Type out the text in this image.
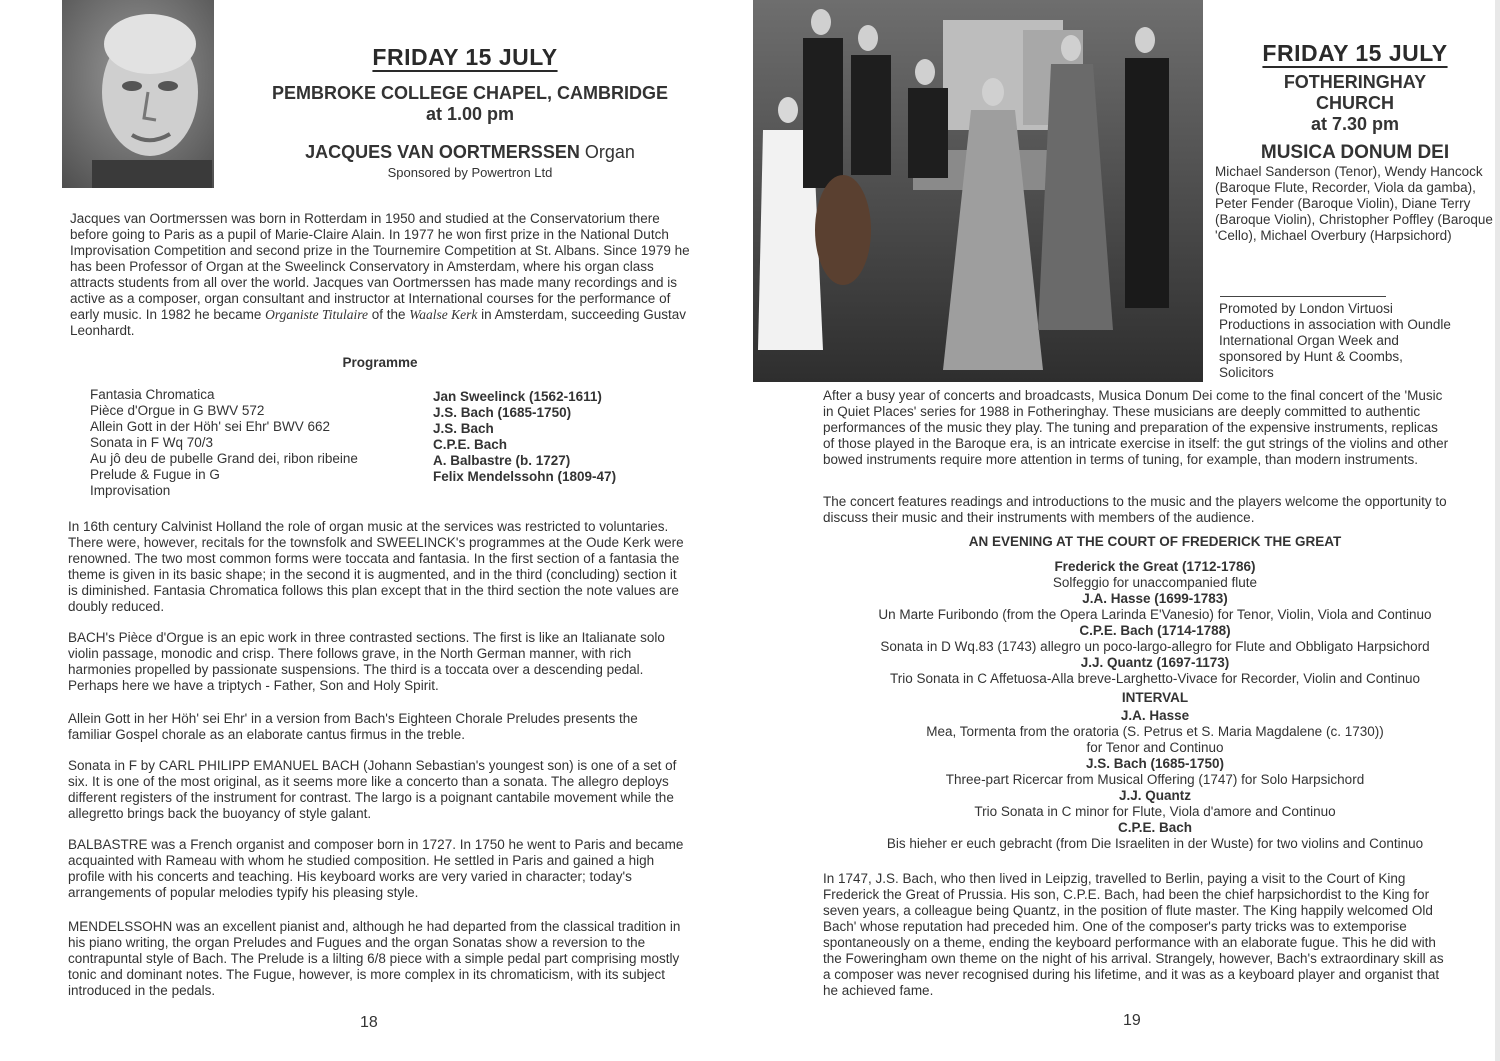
FRIDAY 15 JULY
PEMBROKE COLLEGE CHAPEL, CAMBRIDGE
at 1.00 pm
JACQUES VAN OORTMERSSEN Organ
Sponsored by Powertron Ltd
Jacques van Oortmerssen was born in Rotterdam in 1950 and studied at the Conservatorium there before going to Paris as a pupil of Marie-Claire Alain. In 1977 he won first prize in the National Dutch Improvisation Competition and second prize in the Tournemire Competition at St. Albans. Since 1979 he has been Professor of Organ at the Sweelinck Conservatory in Amsterdam, where his organ class attracts students from all over the world. Jacques van Oortmerssen has made many recordings and is active as a composer, organ consultant and instructor at International courses for the performance of early music. In 1982 he became Organiste Titulaire of the Waalse Kerk in Amsterdam, succeeding Gustav Leonhardt.
Programme
Fantasia Chromatica
Pièce d'Orgue in G BWV 572
Allein Gott in der Höh' sei Ehr' BWV 662
Sonata in F Wq 70/3
Au jô deu de pubelle Grand dei, ribon ribeine
Prelude & Fugue in G
Improvisation
Jan Sweelinck (1562-1611)
J.S. Bach (1685-1750)
J.S. Bach
C.P.E. Bach
A. Balbastre (b. 1727)
Felix Mendelssohn (1809-47)
In 16th century Calvinist Holland the role of organ music at the services was restricted to voluntaries. There were, however, recitals for the townsfolk and SWEELINCK's programmes at the Oude Kerk were renowned. The two most common forms were toccata and fantasia. In the first section of a fantasia the theme is given in its basic shape; in the second it is augmented, and in the third (concluding) section it is diminished. Fantasia Chromatica follows this plan except that in the third section the note values are doubly reduced.
BACH's Pièce d'Orgue is an epic work in three contrasted sections. The first is like an Italianate solo violin passage, monodic and crisp. There follows grave, in the North German manner, with rich harmonies propelled by passionate suspensions. The third is a toccata over a descending pedal. Perhaps here we have a triptych - Father, Son and Holy Spirit.
Allein Gott in her Höh' sei Ehr' in a version from Bach's Eighteen Chorale Preludes presents the familiar Gospel chorale as an elaborate cantus firmus in the treble.
Sonata in F by CARL PHILIPP EMANUEL BACH (Johann Sebastian's youngest son) is one of a set of six. It is one of the most original, as it seems more like a concerto than a sonata. The allegro deploys different registers of the instrument for contrast. The largo is a poignant cantabile movement while the allegretto brings back the buoyancy of style galant.
BALBASTRE was a French organist and composer born in 1727. In 1750 he went to Paris and became acquainted with Rameau with whom he studied composition. He settled in Paris and gained a high profile with his concerts and teaching. His keyboard works are very varied in character; today's arrangements of popular melodies typify his pleasing style.
MENDELSSOHN was an excellent pianist and, although he had departed from the classical tradition in his piano writing, the organ Preludes and Fugues and the organ Sonatas show a reversion to the contrapuntal style of Bach. The Prelude is a lilting 6/8 piece with a simple pedal part comprising mostly tonic and dominant notes. The Fugue, however, is more complex in its chromaticism, with its subject introduced in the pedals.
18
FRIDAY 15 JULY
FOTHERINGHAY
CHURCH
at 7.30 pm
MUSICA DONUM DEI
Michael Sanderson (Tenor), Wendy Hancock (Baroque Flute, Recorder, Viola da gamba), Peter Fender (Baroque Violin), Diane Terry (Baroque Violin), Christopher Poffley (Baroque 'Cello), Michael Overbury (Harpsichord)
Promoted by London Virtuosi Productions in association with Oundle International Organ Week and sponsored by Hunt & Coombs, Solicitors
After a busy year of concerts and broadcasts, Musica Donum Dei come to the final concert of the 'Music in Quiet Places' series for 1988 in Fotheringhay. These musicians are deeply committed to authentic performances of the music they play. The tuning and preparation of the expensive instruments, replicas of those played in the Baroque era, is an intricate exercise in itself: the gut strings of the violins and other bowed instruments require more attention in terms of tuning, for example, than modern instruments.
The concert features readings and introductions to the music and the players welcome the opportunity to discuss their music and their instruments with members of the audience.
AN EVENING AT THE COURT OF FREDERICK THE GREAT
Frederick the Great (1712-1786)
Solfeggio for unaccompanied flute
J.A. Hasse (1699-1783)
Un Marte Furibondo (from the Opera Larinda E'Vanesio) for Tenor, Violin, Viola and Continuo
C.P.E. Bach (1714-1788)
Sonata in D Wq.83 (1743) allegro un poco-largo-allegro for Flute and Obbligato Harpsichord
J.J. Quantz (1697-1173)
Trio Sonata in C Affetuosa-Alla breve-Larghetto-Vivace for Recorder, Violin and Continuo
INTERVAL
J.A. Hasse
Mea, Tormenta from the oratoria (S. Petrus et S. Maria Magdalene (c. 1730))
for Tenor and Continuo
J.S. Bach (1685-1750)
Three-part Ricercar from Musical Offering (1747) for Solo Harpsichord
J.J. Quantz
Trio Sonata in C minor for Flute, Viola d'amore and Continuo
C.P.E. Bach
Bis hieher er euch gebracht (from Die Israeliten in der Wuste) for two violins and Continuo
In 1747, J.S. Bach, who then lived in Leipzig, travelled to Berlin, paying a visit to the Court of King Frederick the Great of Prussia. His son, C.P.E. Bach, had been the chief harpsichordist to the King for seven years, a colleague being Quantz, in the position of flute master. The King happily welcomed Old Bach' whose reputation had preceded him. One of the composer's party tricks was to extemporise spontaneously on a theme, ending the keyboard performance with an elaborate fugue. This he did with the Foweringham own theme on the night of his arrival. Strangely, however, Bach's extraordinary skill as a composer was never recognised during his lifetime, and it was as a keyboard player and organist that he achieved fame.
19
